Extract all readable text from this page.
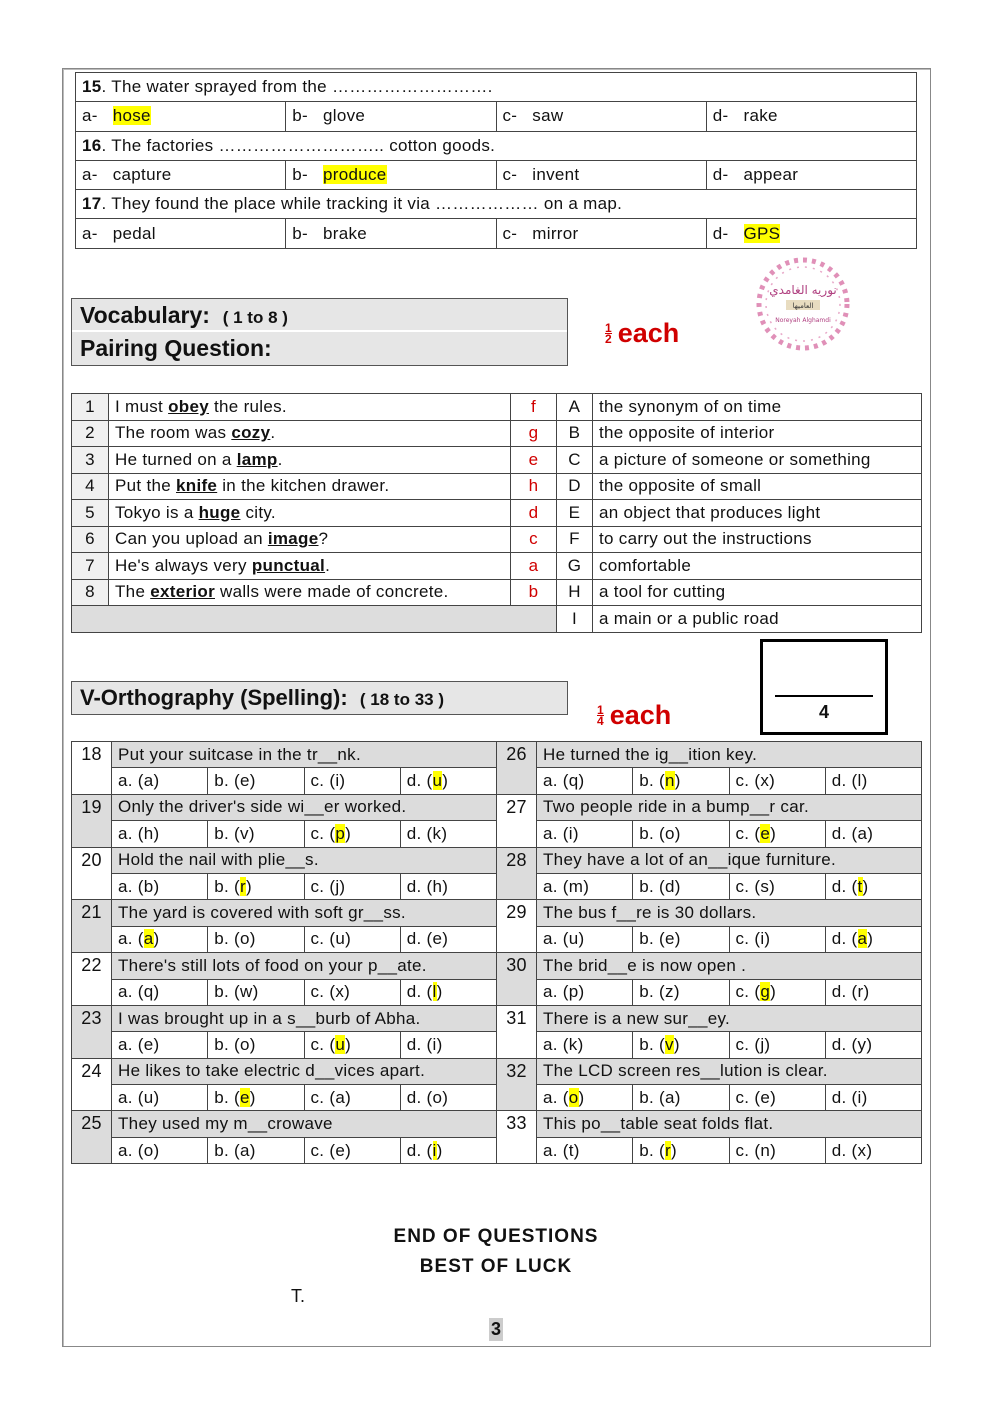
15. The water sprayed from the ……………………….			
a- hose	b- glove	c- saw	d- rake
16. The factories ……………………….. cotton goods.			
a- capture	b- produce	c- invent	d- appear
17. They found the place while tracking it via ……………… on a map.			
a- pedal	b- brake	c- mirror	d- GPS
Vocabulary: ( 1 to 8 )
Pairing Question:
$\frac{1}{2}$ each
نوريه الغامدي
العاميها
Noreyah Alghamdi
1	I must obey the rules.	f	A	the synonym of on time
2	The room was cozy.	g	B	the opposite of interior
3	He turned on a lamp.	e	C	a picture of someone or something
4	Put the knife in the kitchen drawer.	h	D	the opposite of small
5	Tokyo is a huge city.	d	E	an object that produces light
6	Can you upload an image?	c	F	to carry out the instructions
7	He's always very punctual.	a	G	comfortable
8	The exterior walls were made of concrete.	b	H	a tool for cutting
			I	a main or a public road
V-Orthography (Spelling): ( 18 to 33 )
$\frac{1}{4}$ each	4
18	Put your suitcase in the tr__nk.				26	He turned the ig__ition key.			
	a. (a)	b. (e)	c. (i)	d. (u)		a. (q)	b. (n)	c. (x)	d. (l)
19	Only the driver's side wi__er worked.				27	Two people ride in a bump__r car.			
	a. (h)	b. (v)	c. (p)	d. (k)		a. (i)	b. (o)	c. (e)	d. (a)
20	Hold the nail with plie__s.				28	They have a lot of an__ique furniture.			
	a. (b)	b. (r)	c. (j)	d. (h)		a. (m)	b. (d)	c. (s)	d. (t)
21	The yard is covered with soft gr__ss.				29	The bus f__re is 30 dollars.			
	a. (a)	b. (o)	c. (u)	d. (e)		a. (u)	b. (e)	c. (i)	d. (a)
22	There's still lots of food on your p__ate.				30	The brid__e is now open .			
	a. (q)	b. (w)	c. (x)	d. (l)		a. (p)	b. (z)	c. (g)	d. (r)
23	I was brought up in a s__burb of Abha.				31	There is a new sur__ey.			
	a. (e)	b. (o)	c. (u)	d. (i)		a. (k)	b. (v)	c. (j)	d. (y)
24	He likes to take electric d__vices apart.				32	The LCD screen res__lution is clear.			
	a. (u)	b. (e)	c. (a)	d. (o)		a. (o)	b. (a)	c. (e)	d. (i)
25	They used my m__crowave				33	This po__table seat folds flat.			
	a. (o)	b. (a)	c. (e)	d. (i)		a. (t)	b. (r)	c. (n)	d. (x)
END OF QUESTIONS
BEST OF LUCK
T.
3
